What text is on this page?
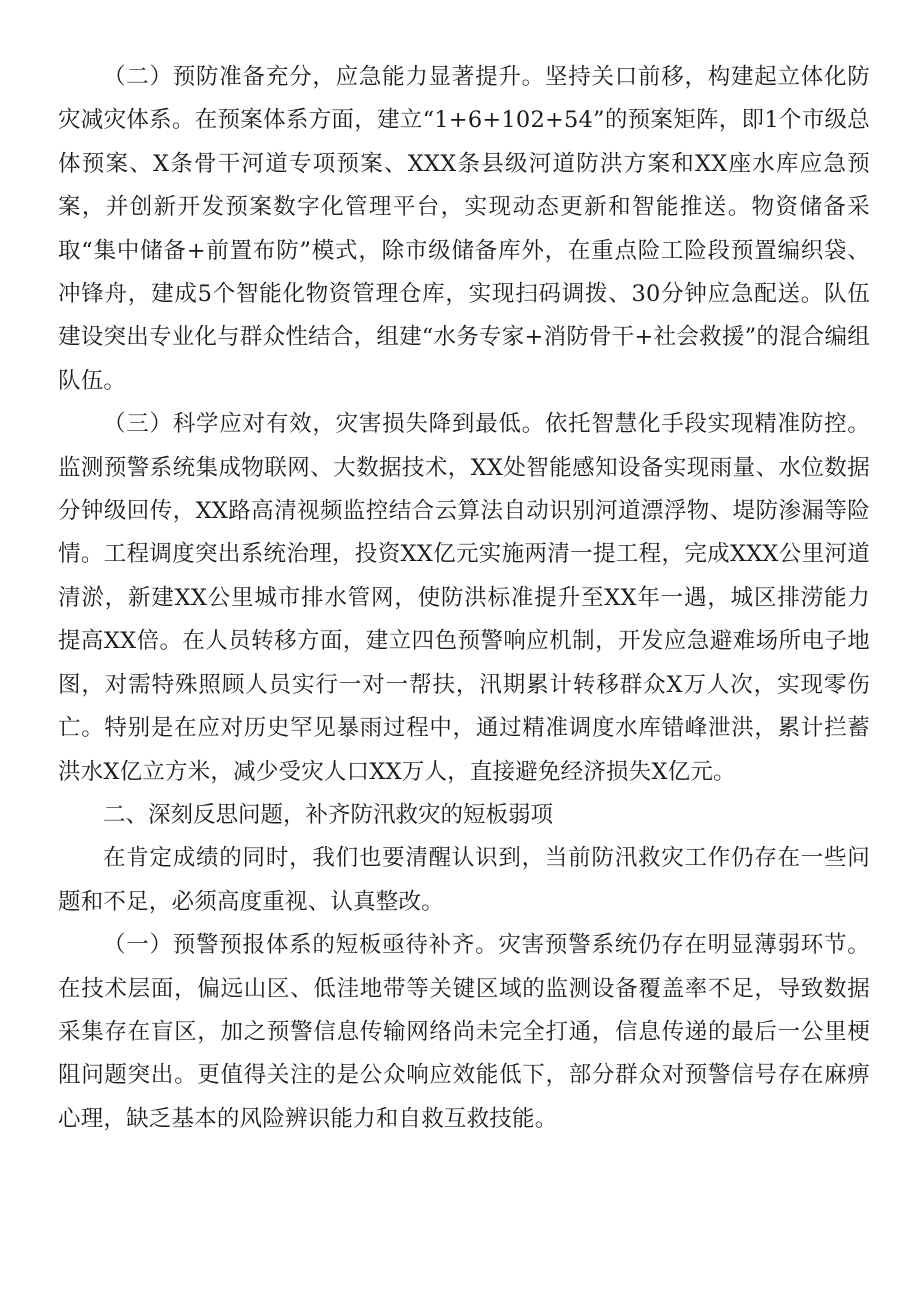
（二）预防准备充分，应急能力显著提升。坚持关口前移，构建起立体化防灾减灾体系。在预案体系方面，建立“1+6+102+54”的预案矩阵，即1个市级总体预案、X条骨干河道专项预案、XXX条县级河道防洪方案和XX座水库应急预案，并创新开发预案数字化管理平台，实现动态更新和智能推送。物资储备采取“集中储备+前置布防”模式，除市级储备库外，在重点险工险段预置编织袋、冲锋舟，建成5个智能化物资管理仓库，实现扫码调拨、30分钟应急配送。队伍建设突出专业化与群众性结合，组建“水务专家+消防骨干+社会救援”的混合编组队伍。

（三）科学应对有效，灾害损失降到最低。依托智慧化手段实现精准防控。监测预警系统集成物联网、大数据技术，XX处智能感知设备实现雨量、水位数据分钟级回传，XX路高清视频监控结合云算法自动识别河道漂浮物、堤防渗漏等险情。工程调度突出系统治理，投资XX亿元实施两清一提工程，完成XXX公里河道清淤，新建XX公里城市排水管网，使防洪标准提升至XX年一遇，城区排涝能力提高XX倍。在人员转移方面，建立四色预警响应机制，开发应急避难场所电子地图，对需特殊照顾人员实行一对一帮扶，汛期累计转移群众X万人次，实现零伤亡。特别是在应对历史罕见暴雨过程中，通过精准调度水库错峰泄洪，累计拦蓄洪水X亿立方米，减少受灾人口XX万人，直接避免经济损失X亿元。

二、深刻反思问题，补齐防汛救灾的短板弱项

在肯定成绩的同时，我们也要清醒认识到，当前防汛救灾工作仍存在一些问题和不足，必须高度重视、认真整改。

（一）预警预报体系的短板亟待补齐。灾害预警系统仍存在明显薄弱环节。在技术层面，偏远山区、低洼地带等关键区域的监测设备覆盖率不足，导致数据采集存在盲区，加之预警信息传输网络尚未完全打通，信息传递的最后一公里梗阻问题突出。更值得关注的是公众响应效能低下，部分群众对预警信号存在麻痹心理，缺乏基本的风险辨识能力和自救互救技能。
